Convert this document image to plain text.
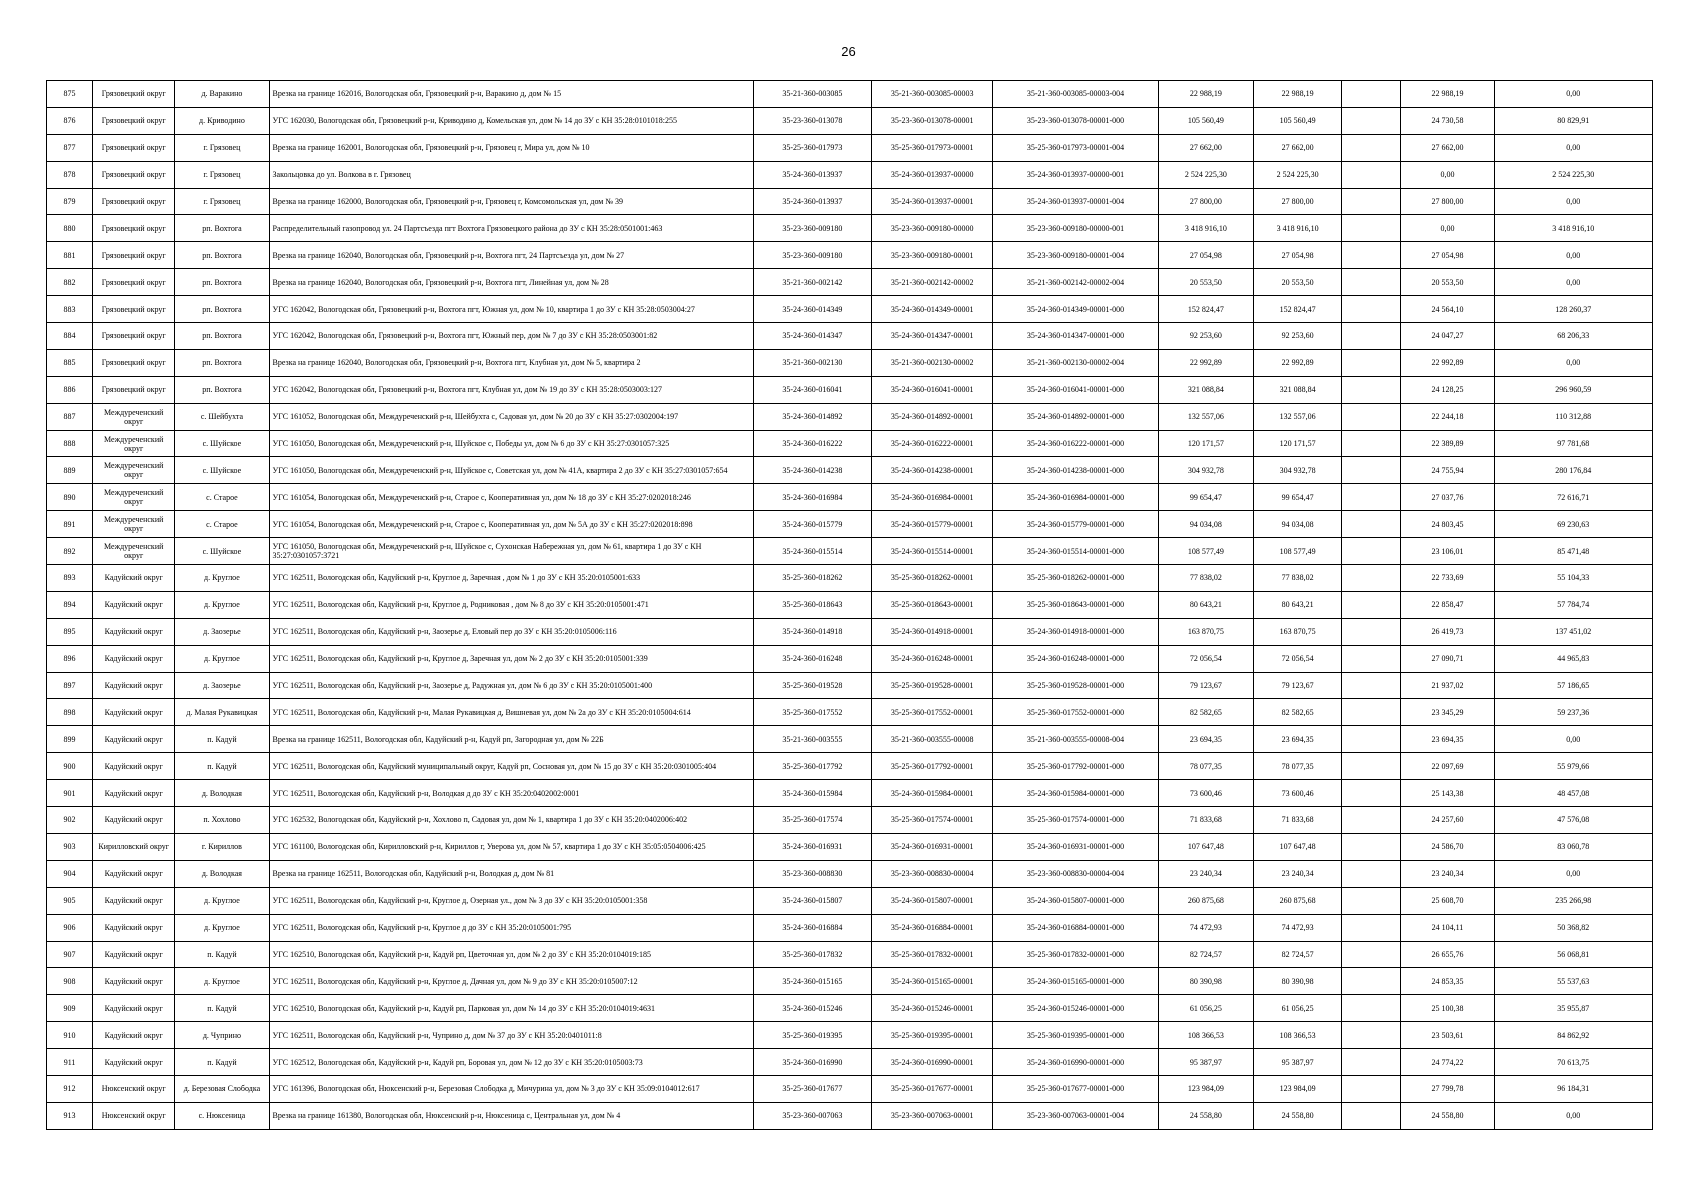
26
875	Грязовецкий округ	д. Варакино	Врезка на границе 162016, Вологодская обл, Грязовецкий р-н, Варакино д, дом № 15	35-21-360-003085	35-21-360-003085-00003	35-21-360-003085-00003-004	22 988,19	22 988,19		22 988,19	0,00
876	Грязовецкий округ	д. Криводино	УГС 162030, Вологодская обл, Грязовецкий р-н, Криводино д, Комельская ул, дом № 14 до ЗУ с КН 35:28:0101018:255	35-23-360-013078	35-23-360-013078-00001	35-23-360-013078-00001-000	105 560,49	105 560,49		24 730,58	80 829,91
877	Грязовецкий округ	г. Грязовец	Врезка на границе 162001, Вологодская обл, Грязовецкий р-н, Грязовец г, Мира ул, дом № 10	35-25-360-017973	35-25-360-017973-00001	35-25-360-017973-00001-004	27 662,00	27 662,00		27 662,00	0,00
878	Грязовецкий округ	г. Грязовец	Закольцовка до ул. Волкова в г. Грязовец	35-24-360-013937	35-24-360-013937-00000	35-24-360-013937-00000-001	2 524 225,30	2 524 225,30		0,00	2 524 225,30
879	Грязовецкий округ	г. Грязовец	Врезка на границе 162000, Вологодская обл, Грязовецкий р-н, Грязовец г, Комсомольская ул, дом № 39	35-24-360-013937	35-24-360-013937-00001	35-24-360-013937-00001-004	27 800,00	27 800,00		27 800,00	0,00
880	Грязовецкий округ	рп. Вохтога	Распределительный газопровод ул. 24 Партсъезда пгт Вохтога Грязовецкого района до ЗУ с КН 35:28:0501001:463	35-23-360-009180	35-23-360-009180-00000	35-23-360-009180-00000-001	3 418 916,10	3 418 916,10		0,00	3 418 916,10
881	Грязовецкий округ	рп. Вохтога	Врезка на границе 162040, Вологодская обл, Грязовецкий р-н, Вохтога пгт, 24 Партсъезда ул, дом № 27	35-23-360-009180	35-23-360-009180-00001	35-23-360-009180-00001-004	27 054,98	27 054,98		27 054,98	0,00
882	Грязовецкий округ	рп. Вохтога	Врезка на границе 162040, Вологодская обл, Грязовецкий р-н, Вохтога пгт, Линейная ул, дом № 28	35-21-360-002142	35-21-360-002142-00002	35-21-360-002142-00002-004	20 553,50	20 553,50		20 553,50	0,00
883	Грязовецкий округ	рп. Вохтога	УГС 162042, Вологодская обл, Грязовецкий р-н, Вохтога пгт, Южная ул, дом № 10, квартира 1 до ЗУ с КН 35:28:0503004:27	35-24-360-014349	35-24-360-014349-00001	35-24-360-014349-00001-000	152 824,47	152 824,47		24 564,10	128 260,37
884	Грязовецкий округ	рп. Вохтога	УГС 162042, Вологодская обл, Грязовецкий р-н, Вохтога пгт, Южный пер, дом № 7 до ЗУ с КН 35:28:0503001:82	35-24-360-014347	35-24-360-014347-00001	35-24-360-014347-00001-000	92 253,60	92 253,60		24 047,27	68 206,33
885	Грязовецкий округ	рп. Вохтога	Врезка на границе 162040, Вологодская обл, Грязовецкий р-н, Вохтога пгт, Клубная ул, дом № 5, квартира 2	35-21-360-002130	35-21-360-002130-00002	35-21-360-002130-00002-004	22 992,89	22 992,89		22 992,89	0,00
886	Грязовецкий округ	рп. Вохтога	УГС 162042, Вологодская обл, Грязовецкий р-н, Вохтога пгт, Клубная ул, дом № 19 до ЗУ с КН 35:28:0503003:127	35-24-360-016041	35-24-360-016041-00001	35-24-360-016041-00001-000	321 088,84	321 088,84		24 128,25	296 960,59
887	Междуреченский округ	с. Шейбухта	УГС 161052, Вологодская обл, Междуреченский р-н, Шейбухта с, Садовая ул, дом № 20 до ЗУ с КН 35:27:0302004:197	35-24-360-014892	35-24-360-014892-00001	35-24-360-014892-00001-000	132 557,06	132 557,06		22 244,18	110 312,88
888	Междуреченский округ	с. Шуйское	УГС 161050, Вологодская обл, Междуреченский р-н, Шуйское с, Победы ул, дом № 6 до ЗУ с КН 35:27:0301057:325	35-24-360-016222	35-24-360-016222-00001	35-24-360-016222-00001-000	120 171,57	120 171,57		22 389,89	97 781,68
889	Междуреченский округ	с. Шуйское	УГС 161050, Вологодская обл, Междуреченский р-н, Шуйское с, Советская ул, дом № 41А, квартира 2 до ЗУ с КН 35:27:0301057:654	35-24-360-014238	35-24-360-014238-00001	35-24-360-014238-00001-000	304 932,78	304 932,78		24 755,94	280 176,84
890	Междуреченский округ	с. Старое	УГС 161054, Вологодская обл, Междуреченский р-н, Старое с, Кооперативная ул, дом № 18 до ЗУ с КН 35:27:0202018:246	35-24-360-016984	35-24-360-016984-00001	35-24-360-016984-00001-000	99 654,47	99 654,47		27 037,76	72 616,71
891	Междуреченский округ	с. Старое	УГС 161054, Вологодская обл, Междуреченский р-н, Старое с, Кооперативная ул, дом № 5А до ЗУ с КН 35:27:0202018:898	35-24-360-015779	35-24-360-015779-00001	35-24-360-015779-00001-000	94 034,08	94 034,08		24 803,45	69 230,63
892	Междуреченский округ	с. Шуйское	УГС 161050, Вологодская обл, Междуреченский р-н, Шуйское с, Сухонская Набережная ул, дом № 61, квартира 1 до ЗУ с КН 35:27:0301057:3721	35-24-360-015514	35-24-360-015514-00001	35-24-360-015514-00001-000	108 577,49	108 577,49		23 106,01	85 471,48
893	Кадуйский округ	д. Круглое	УГС 162511, Вологодская обл, Кадуйский р-н, Круглое д, Заречная , дом № 1 до ЗУ с КН 35:20:0105001:633	35-25-360-018262	35-25-360-018262-00001	35-25-360-018262-00001-000	77 838,02	77 838,02		22 733,69	55 104,33
894	Кадуйский округ	д. Круглое	УГС 162511, Вологодская обл, Кадуйский р-н, Круглое д, Родниковая , дом № 8 до ЗУ с КН 35:20:0105001:471	35-25-360-018643	35-25-360-018643-00001	35-25-360-018643-00001-000	80 643,21	80 643,21		22 858,47	57 784,74
895	Кадуйский округ	д. Заозерье	УГС 162511, Вологодская обл, Кадуйский р-н, Заозерье д, Еловый пер до ЗУ с КН 35:20:0105006:116	35-24-360-014918	35-24-360-014918-00001	35-24-360-014918-00001-000	163 870,75	163 870,75		26 419,73	137 451,02
896	Кадуйский округ	д. Круглое	УГС 162511, Вологодская обл, Кадуйский р-н, Круглое д, Заречная ул, дом № 2 до ЗУ с КН 35:20:0105001:339	35-24-360-016248	35-24-360-016248-00001	35-24-360-016248-00001-000	72 056,54	72 056,54		27 090,71	44 965,83
897	Кадуйский округ	д. Заозерье	УГС 162511, Вологодская обл, Кадуйский р-н, Заозерье д, Радужная ул, дом № 6 до ЗУ с КН 35:20:0105001:400	35-25-360-019528	35-25-360-019528-00001	35-25-360-019528-00001-000	79 123,67	79 123,67		21 937,02	57 186,65
898	Кадуйский округ	д. Малая Рукавицкая	УГС 162511, Вологодская обл, Кадуйский р-н, Малая Рукавицкая д, Вишневая ул, дом № 2а до ЗУ с КН 35:20:0105004:614	35-25-360-017552	35-25-360-017552-00001	35-25-360-017552-00001-000	82 582,65	82 582,65		23 345,29	59 237,36
899	Кадуйский округ	п. Кадуй	Врезка на границе 162511, Вологодская обл, Кадуйский р-н, Кадуй рп, Загородная ул, дом № 22Б	35-21-360-003555	35-21-360-003555-00008	35-21-360-003555-00008-004	23 694,35	23 694,35		23 694,35	0,00
900	Кадуйский округ	п. Кадуй	УГС 162511, Вологодская обл, Кадуйский муниципальный округ, Кадуй рп, Сосновая ул, дом № 15 до ЗУ с КН 35:20:0301005:404	35-25-360-017792	35-25-360-017792-00001	35-25-360-017792-00001-000	78 077,35	78 077,35		22 097,69	55 979,66
901	Кадуйский округ	д. Володкая	УГС 162511, Вологодская обл, Кадуйский р-н, Володкая д до ЗУ с КН 35:20:0402002:0001	35-24-360-015984	35-24-360-015984-00001	35-24-360-015984-00001-000	73 600,46	73 600,46		25 143,38	48 457,08
902	Кадуйский округ	п. Хохлово	УГС 162532, Вологодская обл, Кадуйский р-н, Хохлово п, Садовая ул, дом № 1, квартира 1 до ЗУ с КН 35:20:0402006:402	35-25-360-017574	35-25-360-017574-00001	35-25-360-017574-00001-000	71 833,68	71 833,68		24 257,60	47 576,08
903	Кирилловский округ	г. Кириллов	УГС 161100, Вологодская обл, Кирилловский р-н, Кириллов г, Уверова ул, дом № 57, квартира 1 до ЗУ с КН 35:05:0504006:425	35-24-360-016931	35-24-360-016931-00001	35-24-360-016931-00001-000	107 647,48	107 647,48		24 586,70	83 060,78
904	Кадуйский округ	д. Володкая	Врезка на границе 162511, Вологодская обл, Кадуйский р-н, Володкая д, дом № 81	35-23-360-008830	35-23-360-008830-00004	35-23-360-008830-00004-004	23 240,34	23 240,34		23 240,34	0,00
905	Кадуйский округ	д. Круглое	УГС 162511, Вологодская обл, Кадуйский р-н, Круглое д, Озерная ул., дом № 3 до ЗУ с КН 35:20:0105001:358	35-24-360-015807	35-24-360-015807-00001	35-24-360-015807-00001-000	260 875,68	260 875,68		25 608,70	235 266,98
906	Кадуйский округ	д. Круглое	УГС 162511, Вологодская обл, Кадуйский р-н, Круглое д до ЗУ с КН 35:20:0105001:795	35-24-360-016884	35-24-360-016884-00001	35-24-360-016884-00001-000	74 472,93	74 472,93		24 104,11	50 368,82
907	Кадуйский округ	п. Кадуй	УГС 162510, Вологодская обл, Кадуйский р-н, Кадуй рп, Цветочная ул, дом № 2 до ЗУ с КН 35:20:0104019:185	35-25-360-017832	35-25-360-017832-00001	35-25-360-017832-00001-000	82 724,57	82 724,57		26 655,76	56 068,81
908	Кадуйский округ	д. Круглое	УГС 162511, Вологодская обл, Кадуйский р-н, Круглое д, Дачная ул, дом № 9 до ЗУ с КН 35:20:0105007:12	35-24-360-015165	35-24-360-015165-00001	35-24-360-015165-00001-000	80 390,98	80 390,98		24 853,35	55 537,63
909	Кадуйский округ	п. Кадуй	УГС 162510, Вологодская обл, Кадуйский р-н, Кадуй рп, Парковая ул, дом № 14 до ЗУ с КН 35:20:0104019:4631	35-24-360-015246	35-24-360-015246-00001	35-24-360-015246-00001-000	61 056,25	61 056,25		25 100,38	35 955,87
910	Кадуйский округ	д. Чуприно	УГС 162511, Вологодская обл, Кадуйский р-н, Чуприно д, дом № 37 до ЗУ с КН 35:20:0401011:8	35-25-360-019395	35-25-360-019395-00001	35-25-360-019395-00001-000	108 366,53	108 366,53		23 503,61	84 862,92
911	Кадуйский округ	п. Кадуй	УГС 162512, Вологодская обл, Кадуйский р-н, Кадуй рп, Боровая ул, дом № 12 до ЗУ с КН 35:20:0105003:73	35-24-360-016990	35-24-360-016990-00001	35-24-360-016990-00001-000	95 387,97	95 387,97		24 774,22	70 613,75
912	Нюксенский округ	д. Березовая Слободка	УГС 161396, Вологодская обл, Нюксенский р-н, Березовая Слободка д, Мичурина ул, дом № 3 до ЗУ с КН 35:09:0104012:617	35-25-360-017677	35-25-360-017677-00001	35-25-360-017677-00001-000	123 984,09	123 984,09		27 799,78	96 184,31
913	Нюксенский округ	с. Нюксеница	Врезка на границе 161380, Вологодская обл, Нюксенский р-н, Нюксеница с, Центральная ул, дом № 4	35-23-360-007063	35-23-360-007063-00001	35-23-360-007063-00001-004	24 558,80	24 558,80		24 558,80	0,00
